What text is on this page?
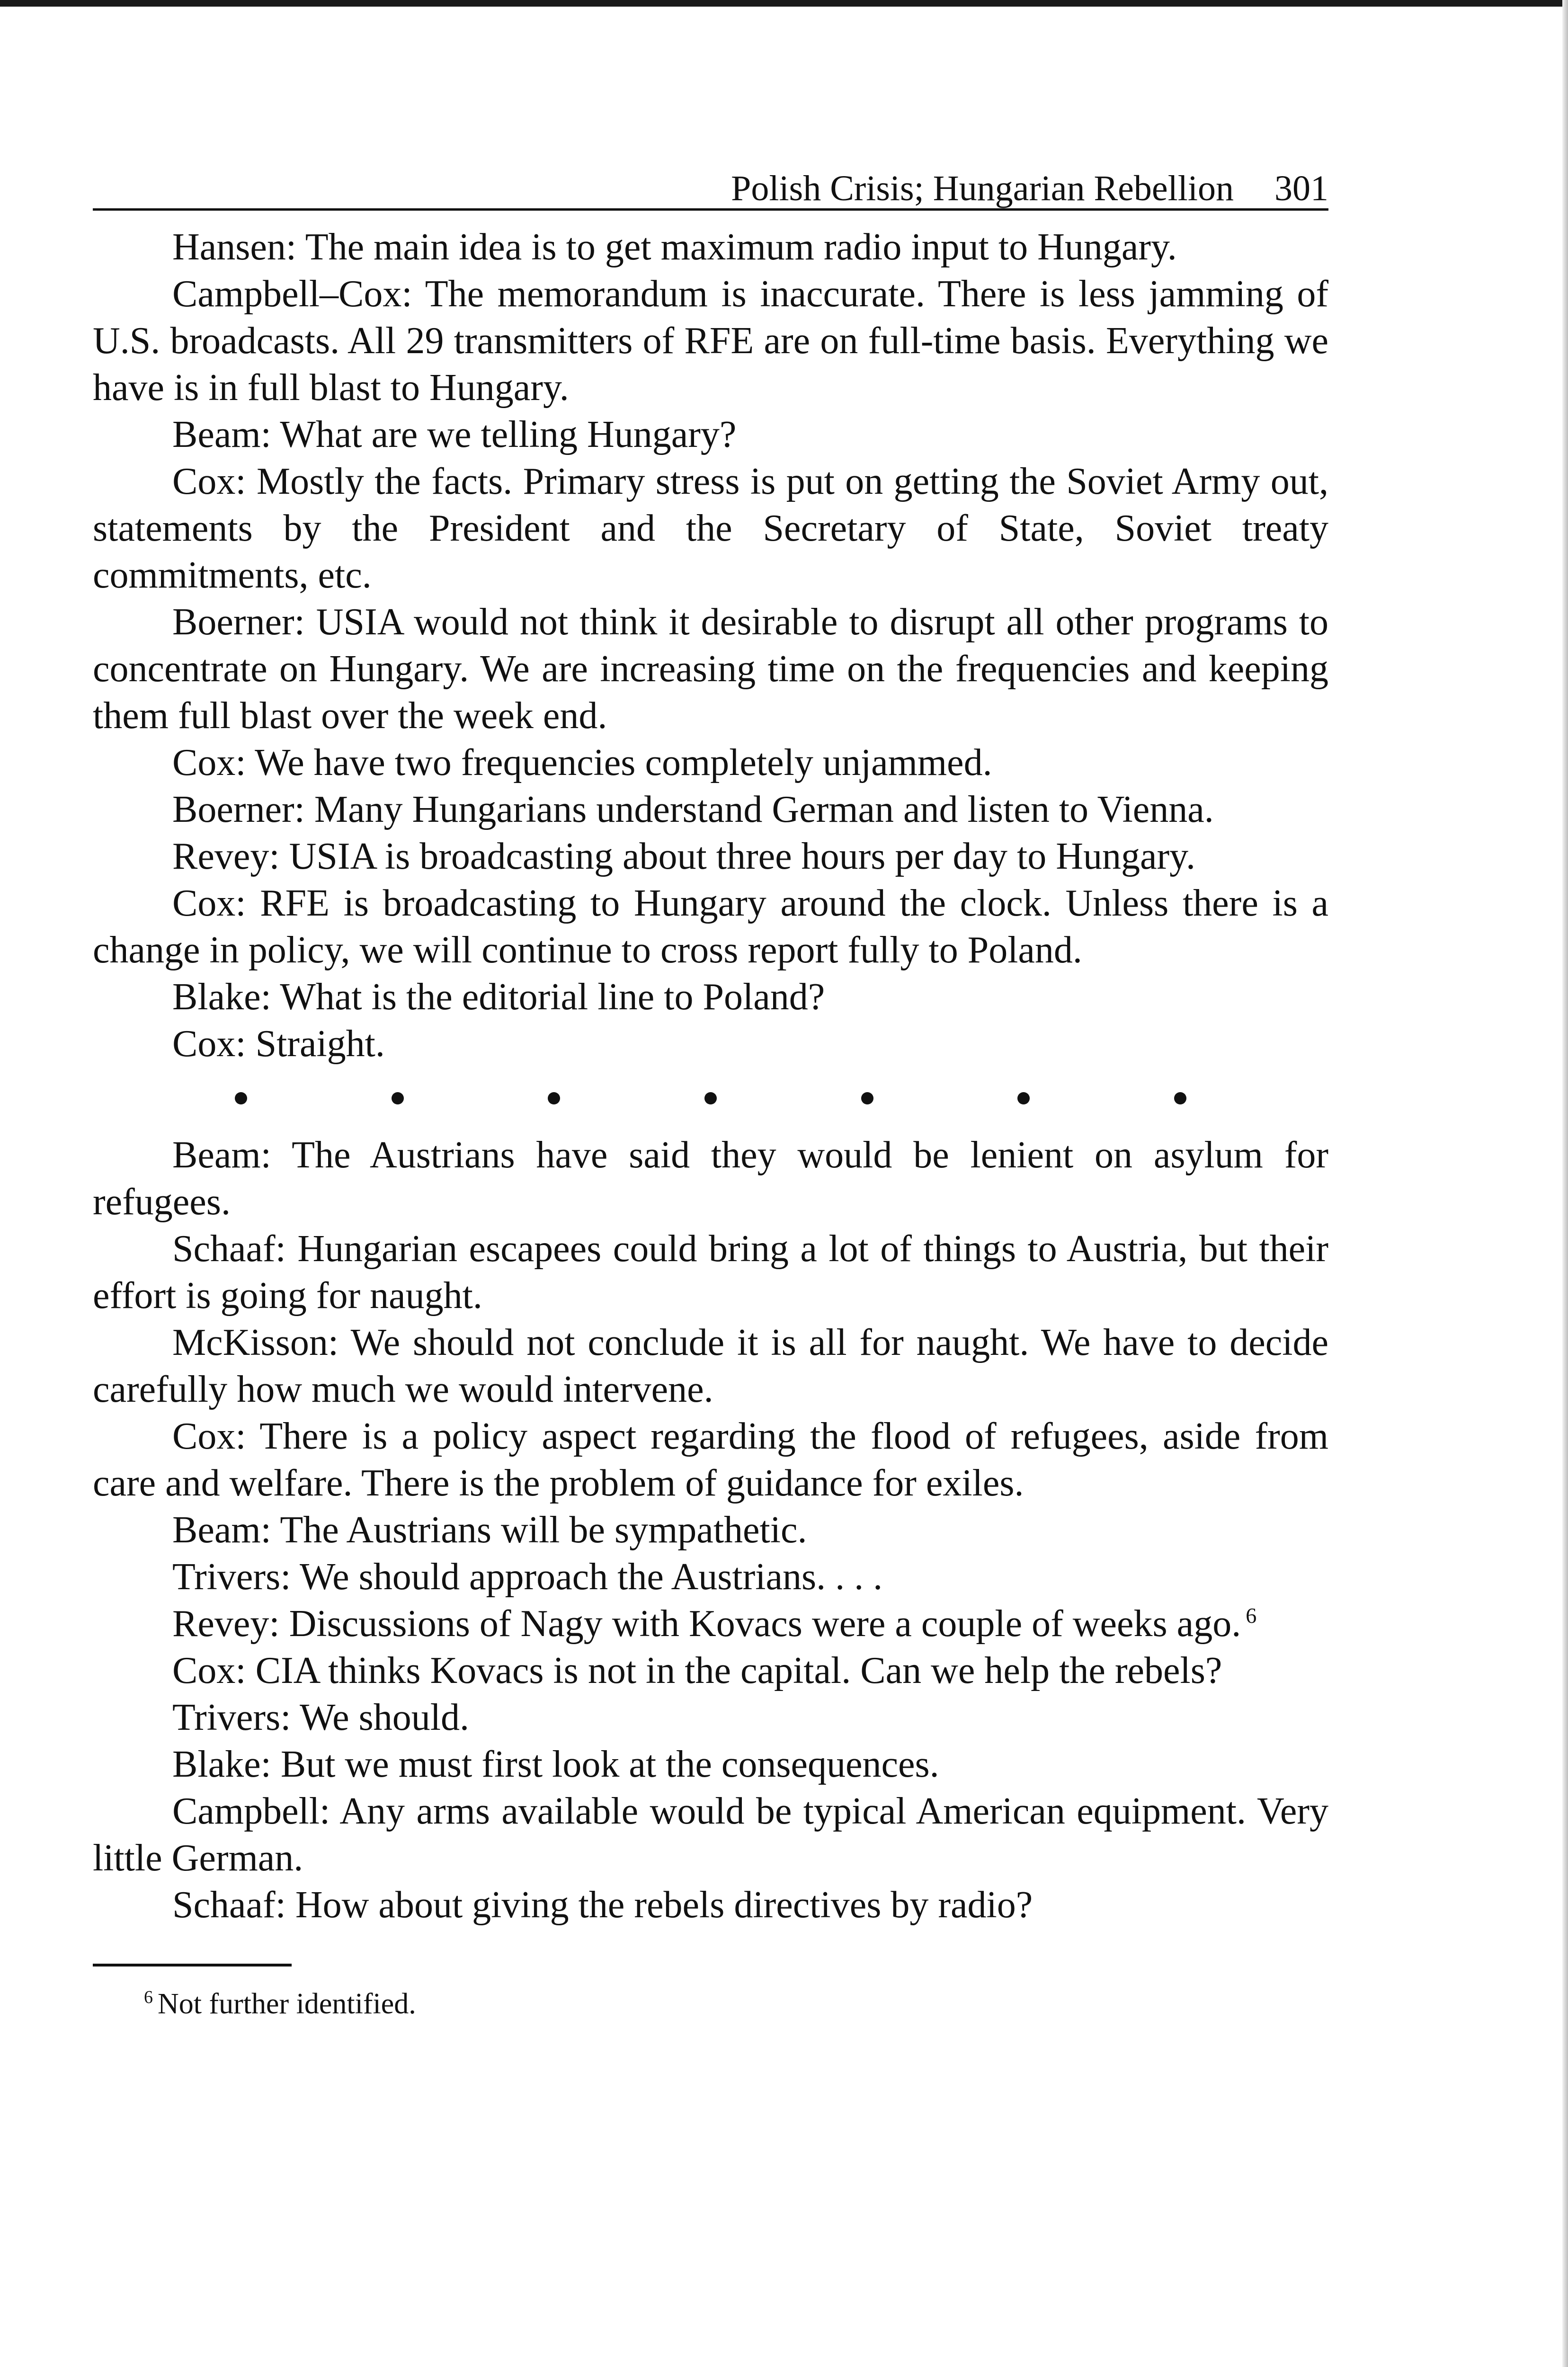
Polish Crisis; Hungarian Rebellion 301

Hansen: The main idea is to get maximum radio input to Hungary.

Campbell–Cox: The memorandum is inaccurate. There is less jamming of U.S. broadcasts. All 29 transmitters of RFE are on full-time basis. Everything we have is in full blast to Hungary.

Beam: What are we telling Hungary?

Cox: Mostly the facts. Primary stress is put on getting the Soviet Army out, statements by the President and the Secretary of State, Soviet treaty commitments, etc.

Boerner: USIA would not think it desirable to disrupt all other programs to concentrate on Hungary. We are increasing time on the frequencies and keeping them full blast over the week end.

Cox: We have two frequencies completely unjammed.

Boerner: Many Hungarians understand German and listen to Vienna.

Revey: USIA is broadcasting about three hours per day to Hungary.

Cox: RFE is broadcasting to Hungary around the clock. Unless there is a change in policy, we will continue to cross report fully to Poland.

Blake: What is the editorial line to Poland?

Cox: Straight.

Beam: The Austrians have said they would be lenient on asylum for refugees.

Schaaf: Hungarian escapees could bring a lot of things to Austria, but their effort is going for naught.

McKisson: We should not conclude it is all for naught. We have to decide carefully how much we would intervene.

Cox: There is a policy aspect regarding the flood of refugees, aside from care and welfare. There is the problem of guidance for exiles.

Beam: The Austrians will be sympathetic.

Trivers: We should approach the Austrians. . . .

Revey: Discussions of Nagy with Kovacs were a couple of weeks ago. $^6$

Cox: CIA thinks Kovacs is not in the capital. Can we help the rebels?

Trivers: We should.

Blake: But we must first look at the consequences.

Campbell: Any arms available would be typical American equipment. Very little German.

Schaaf: How about giving the rebels directives by radio?

$^6$ Not further identified.
